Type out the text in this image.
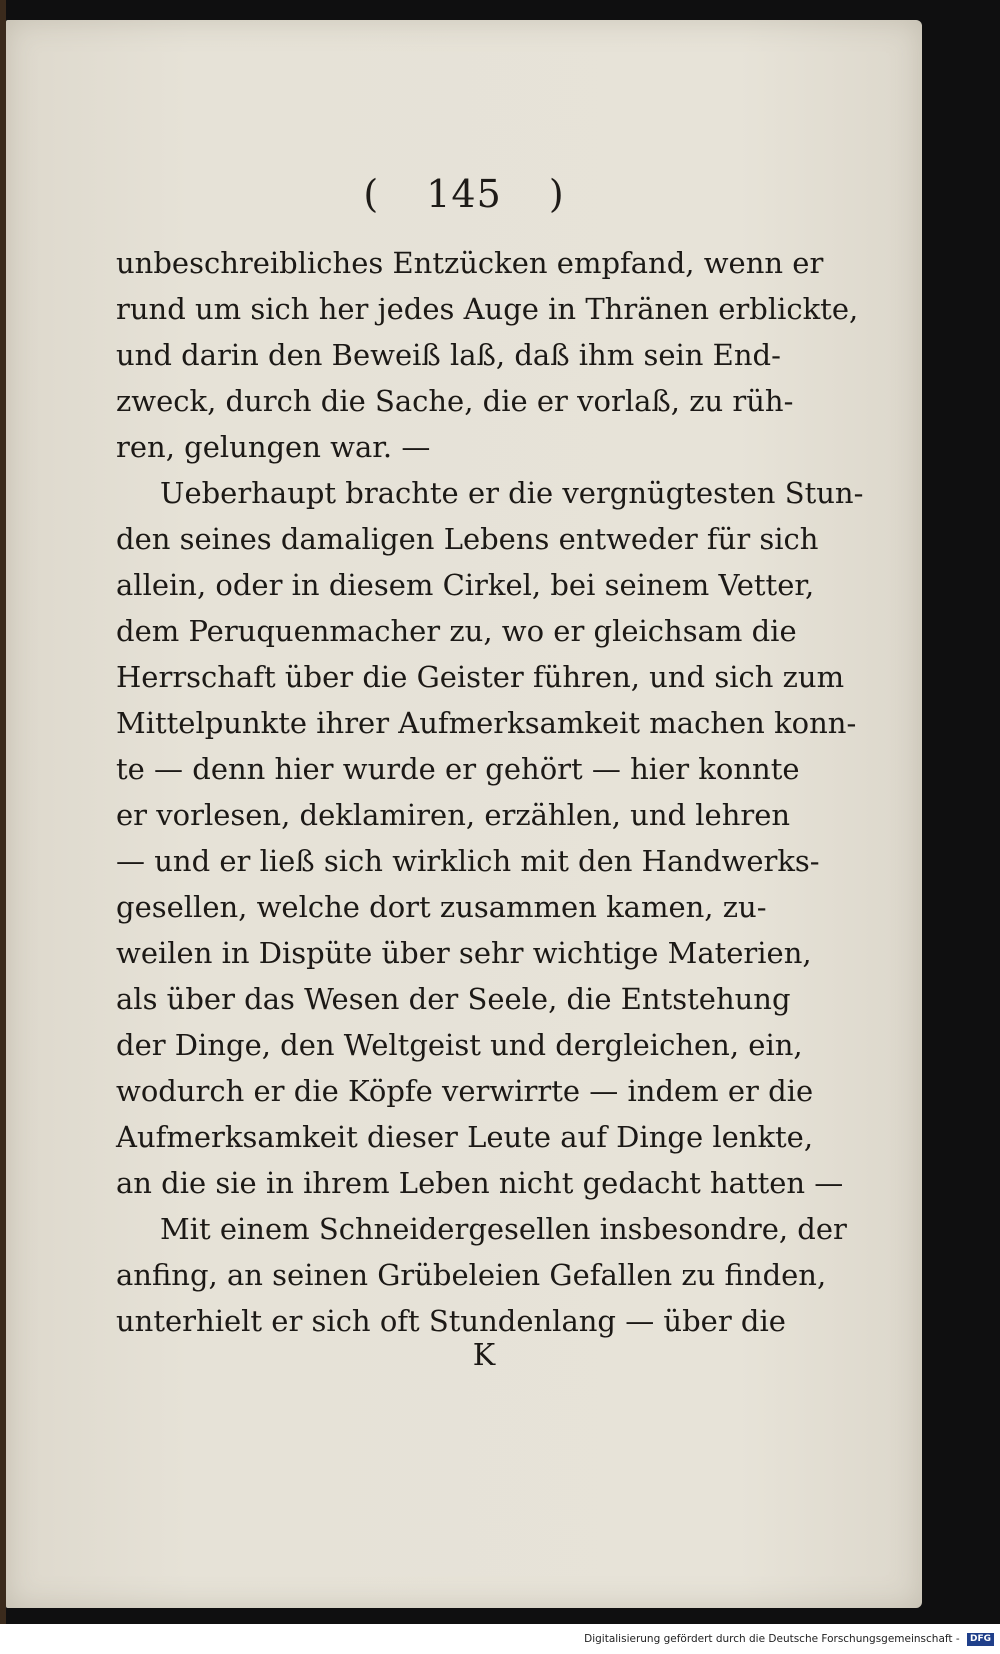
( 145 )
unbeschreibliches Entzücken empfand, wenn er
rund um sich her jedes Auge in Thränen erblickte,
und darin den Beweiß laß, daß ihm sein End-
zweck, durch die Sache, die er vorlaß, zu rüh-
ren, gelungen war. —
Ueberhaupt brachte er die vergnügtesten Stun-
den seines damaligen Lebens entweder für sich
allein, oder in diesem Cirkel, bei seinem Vetter,
dem Peruquenmacher zu, wo er gleichsam die
Herrschaft über die Geister führen, und sich zum
Mittelpunkte ihrer Aufmerksamkeit machen konn-
te — denn hier wurde er gehört — hier konnte
er vorlesen, deklamiren, erzählen, und lehren
— und er ließ sich wirklich mit den Handwerks-
gesellen, welche dort zusammen kamen, zu-
weilen in Dispüte über sehr wichtige Materien,
als über das Wesen der Seele, die Entstehung
der Dinge, den Weltgeist und dergleichen, ein,
wodurch er die Köpfe verwirrte — indem er die
Aufmerksamkeit dieser Leute auf Dinge lenkte,
an die sie in ihrem Leben nicht gedacht hatten —
Mit einem Schneidergesellen insbesondre, der
anfing, an seinen Grübeleien Gefallen zu finden,
unterhielt er sich oft Stundenlang — über die
K
Digitalisierung gefördert durch die Deutsche Forschungsgemeinschaft - DFG
